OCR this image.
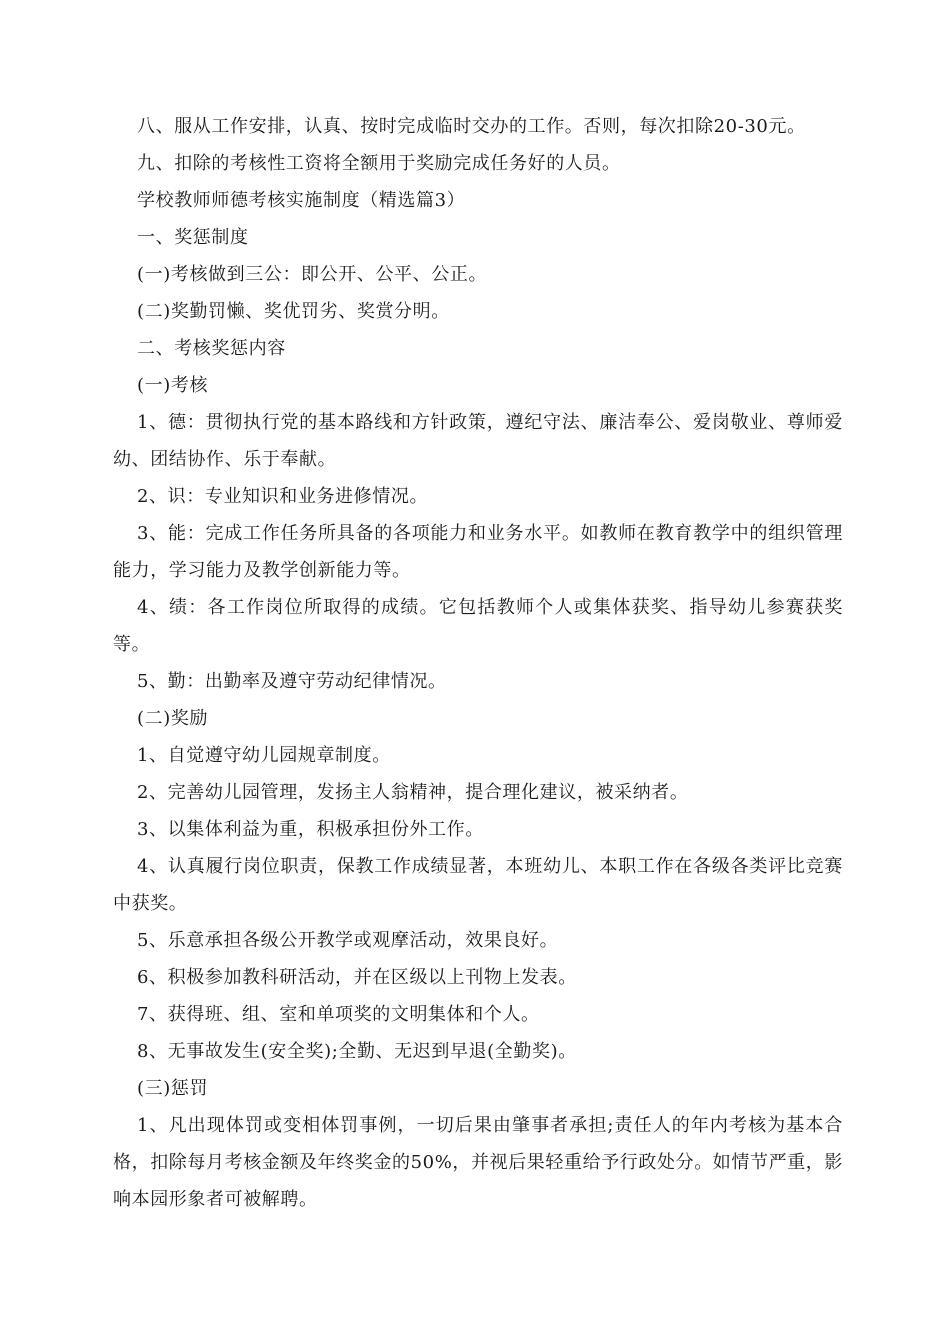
八、服从工作安排，认真、按时完成临时交办的工作。否则，每次扣除20-30元。

九、扣除的考核性工资将全额用于奖励完成任务好的人员。

学校教师师德考核实施制度（精选篇3）

一、奖惩制度

(一)考核做到三公：即公开、公平、公正。

(二)奖勤罚懒、奖优罚劣、奖赏分明。

二、考核奖惩内容

(一)考核

1、德：贯彻执行党的基本路线和方针政策，遵纪守法、廉洁奉公、爱岗敬业、尊师爱幼、团结协作、乐于奉献。

2、识：专业知识和业务进修情况。

3、能：完成工作任务所具备的各项能力和业务水平。如教师在教育教学中的组织管理能力，学习能力及教学创新能力等。

4、绩：各工作岗位所取得的成绩。它包括教师个人或集体获奖、指导幼儿参赛获奖等。

5、勤：出勤率及遵守劳动纪律情况。

(二)奖励

1、自觉遵守幼儿园规章制度。

2、完善幼儿园管理，发扬主人翁精神，提合理化建议，被采纳者。

3、以集体利益为重，积极承担份外工作。

4、认真履行岗位职责，保教工作成绩显著，本班幼儿、本职工作在各级各类评比竞赛中获奖。

5、乐意承担各级公开教学或观摩活动，效果良好。

6、积极参加教科研活动，并在区级以上刊物上发表。

7、获得班、组、室和单项奖的文明集体和个人。

8、无事故发生(安全奖);全勤、无迟到早退(全勤奖)。

(三)惩罚

1、凡出现体罚或变相体罚事例，一切后果由肇事者承担;责任人的年内考核为基本合格，扣除每月考核金额及年终奖金的50%，并视后果轻重给予行政处分。如情节严重，影响本园形象者可被解聘。
